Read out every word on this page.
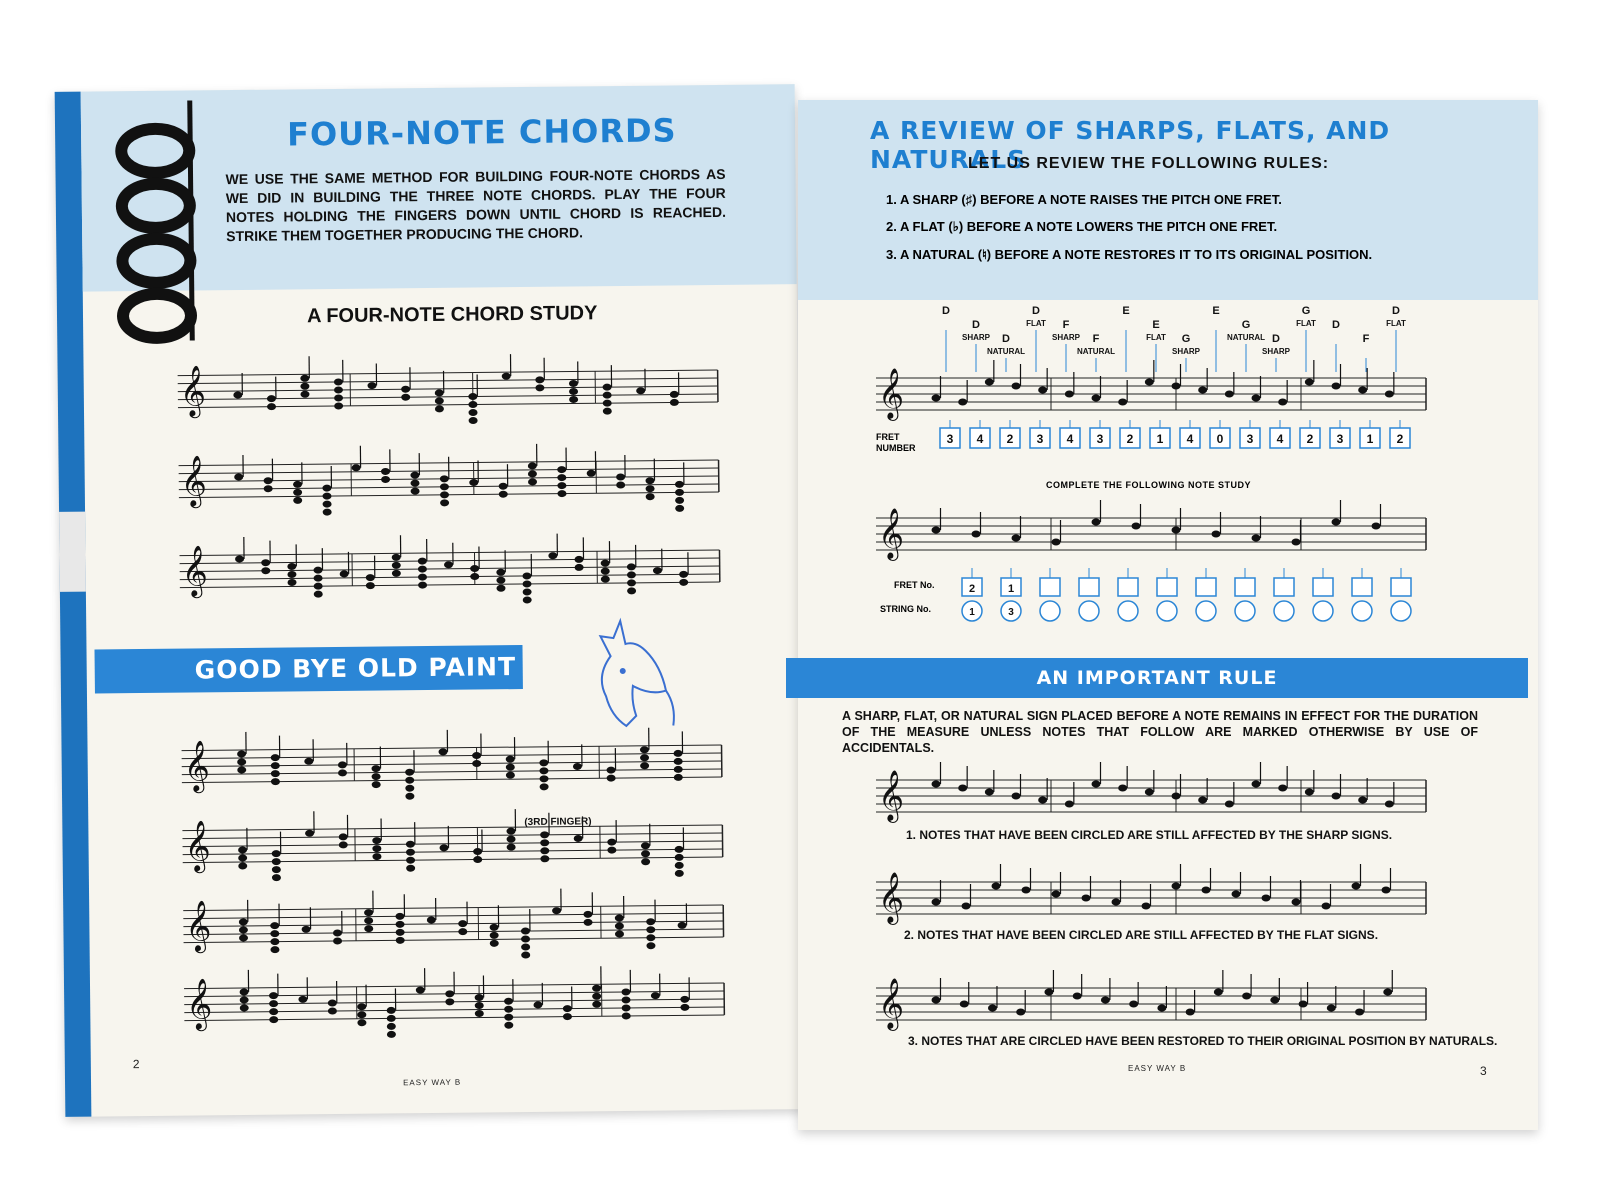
FOUR-NOTE CHORDS
WE USE THE SAME METHOD FOR BUILDING FOUR-NOTE CHORDS AS WE DID IN BUILDING THE THREE NOTE CHORDS. PLAY THE FOUR NOTES HOLDING THE FINGERS DOWN UNTIL CHORD IS REACHED. STRIKE THEM TOGETHER PRODUCING THE CHORD.
A FOUR-NOTE CHORD STUDY
𝄞
𝄞
𝄞
GOOD BYE OLD PAINT
𝄞
𝄞
𝄞
𝄞
(3RD FINGER)
2
EASY WAY B
A REVIEW OF SHARPS, FLATS, AND NATURALS
LET US REVIEW THE FOLLOWING RULES:
1. A SHARP (♯) BEFORE A NOTE RAISES THE PITCH ONE FRET.
2. A FLAT (♭) BEFORE A NOTE LOWERS THE PITCH ONE FRET.
3. A NATURAL (♮) BEFORE A NOTE RESTORES IT TO ITS ORIGINAL POSITION.
D
D
SHARP D
NATURAL
D
FLAT F
SHARP F
NATURAL
E
E
FLAT G
SHARP
E
G
NATURAL D
SHARP
G
FLAT D
F
D
FLAT
𝄞
FRET NUMBER
3 4 2 3 4 3 2 1 4 0 3 4 2 3 1 2
COMPLETE THE FOLLOWING NOTE STUDY
𝄞
FRET No.
STRING No.
2
1
1
3
AN IMPORTANT RULE
A SHARP, FLAT, OR NATURAL SIGN PLACED BEFORE A NOTE REMAINS IN EFFECT FOR THE DURATION OF THE MEASURE UNLESS NOTES THAT FOLLOW ARE MARKED OTHERWISE BY USE OF ACCIDENTALS.
𝄞
1. NOTES THAT HAVE BEEN CIRCLED ARE STILL AFFECTED BY THE SHARP SIGNS.
𝄞
2. NOTES THAT HAVE BEEN CIRCLED ARE STILL AFFECTED BY THE FLAT SIGNS.
𝄞
3. NOTES THAT ARE CIRCLED HAVE BEEN RESTORED TO THEIR ORIGINAL POSITION BY NATURALS.
EASY WAY B	3
